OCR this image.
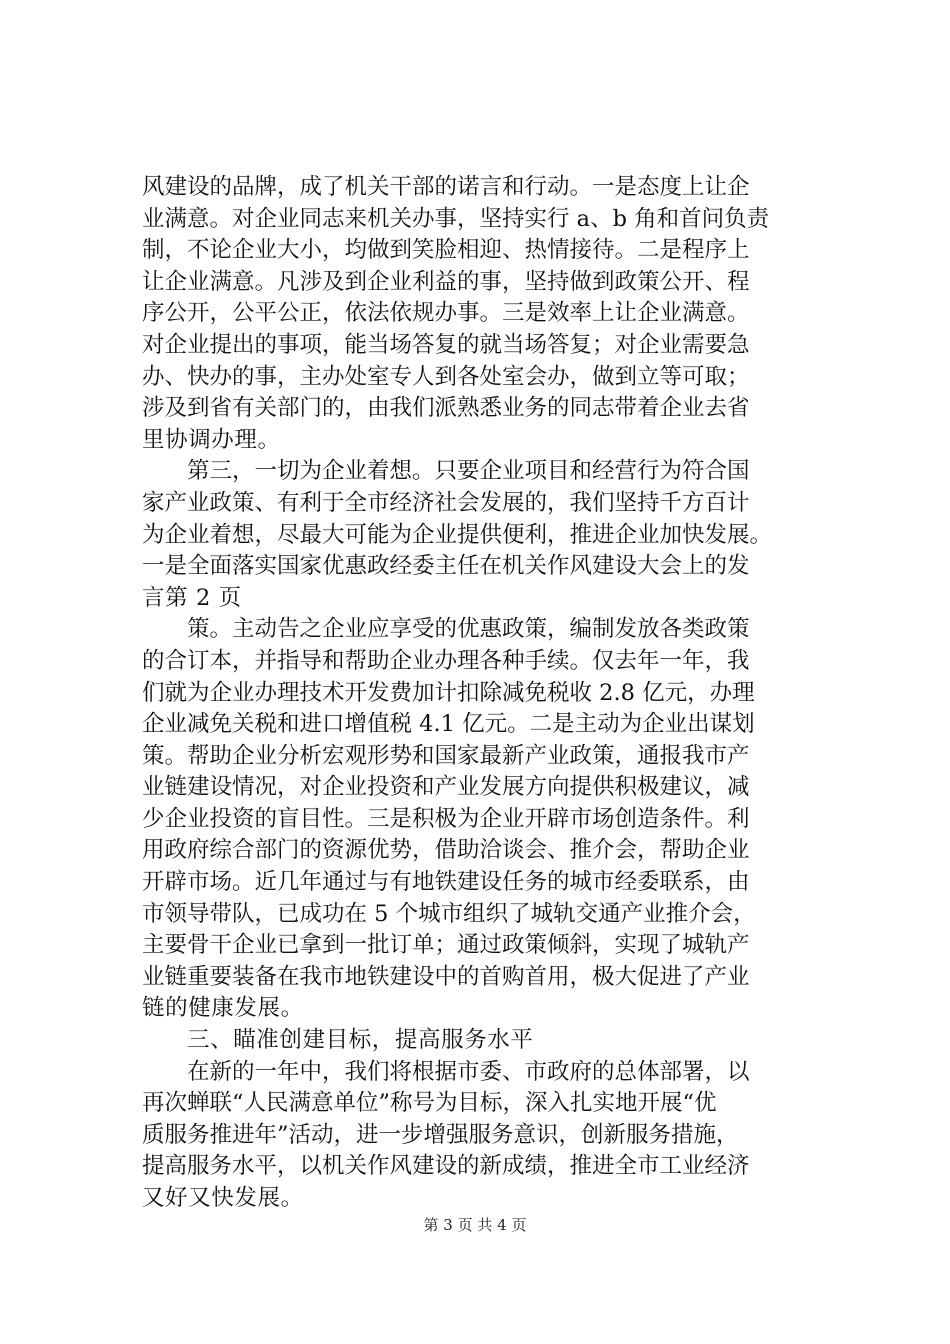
风建设的品牌，成了机关干部的诺言和行动。一是态度上让企
业满意。对企业同志来机关办事，坚持实行 a、b 角和首问负责
制，不论企业大小，均做到笑脸相迎、热情接待。二是程序上
让企业满意。凡涉及到企业利益的事，坚持做到政策公开、程
序公开，公平公正，依法依规办事。三是效率上让企业满意。
对企业提出的事项，能当场答复的就当场答复；对企业需要急
办、快办的事，主办处室专人到各处室会办，做到立等可取；
涉及到省有关部门的，由我们派熟悉业务的同志带着企业去省
里协调办理。
第三，一切为企业着想。只要企业项目和经营行为符合国
家产业政策、有利于全市经济社会发展的，我们坚持千方百计
为企业着想，尽最大可能为企业提供便利，推进企业加快发展。
一是全面落实国家优惠政经委主任在机关作风建设大会上的发
言第 2 页
策。主动告之企业应享受的优惠政策，编制发放各类政策
的合订本，并指导和帮助企业办理各种手续。仅去年一年，我
们就为企业办理技术开发费加计扣除减免税收 2.8 亿元，办理
企业减免关税和进口增值税 4.1 亿元。二是主动为企业出谋划
策。帮助企业分析宏观形势和国家最新产业政策，通报我市产
业链建设情况，对企业投资和产业发展方向提供积极建议，减
少企业投资的盲目性。三是积极为企业开辟市场创造条件。利
用政府综合部门的资源优势，借助洽谈会、推介会，帮助企业
开辟市场。近几年通过与有地铁建设任务的城市经委联系，由
市领导带队，已成功在 5 个城市组织了城轨交通产业推介会，
主要骨干企业已拿到一批订单；通过政策倾斜，实现了城轨产
业链重要装备在我市地铁建设中的首购首用，极大促进了产业
链的健康发展。
三、瞄准创建目标，提高服务水平
在新的一年中，我们将根据市委、市政府的总体部署，以
再次蝉联“人民满意单位”称号为目标，深入扎实地开展“优
质服务推进年”活动，进一步增强服务意识，创新服务措施，
提高服务水平，以机关作风建设的新成绩，推进全市工业经济
又好又快发展。
第 3 页 共 4 页
